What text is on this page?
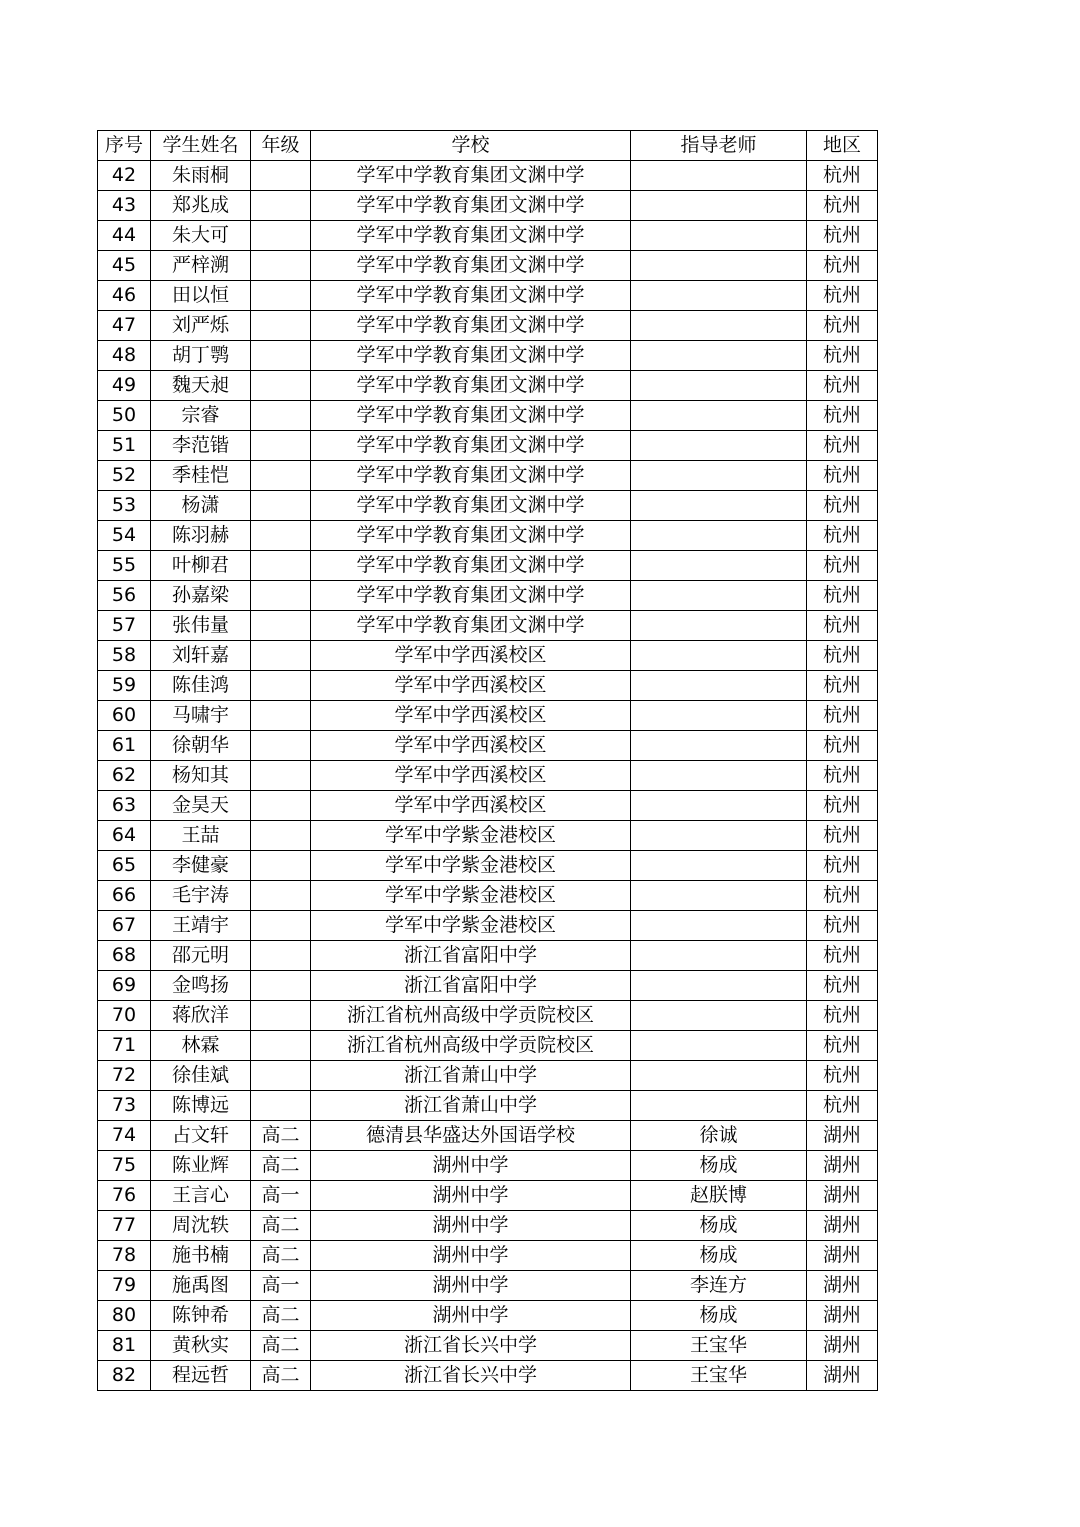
序号	学生姓名	年级	学校	指导老师	地区
42	朱雨桐		学军中学教育集团文渊中学		杭州
43	郑兆成		学军中学教育集团文渊中学		杭州
44	朱大可		学军中学教育集团文渊中学		杭州
45	严梓溯		学军中学教育集团文渊中学		杭州
46	田以恒		学军中学教育集团文渊中学		杭州
47	刘严烁		学军中学教育集团文渊中学		杭州
48	胡丁鹗		学军中学教育集团文渊中学		杭州
49	魏天昶		学军中学教育集团文渊中学		杭州
50	宗睿		学军中学教育集团文渊中学		杭州
51	李范锴		学军中学教育集团文渊中学		杭州
52	季桂恺		学军中学教育集团文渊中学		杭州
53	杨潇		学军中学教育集团文渊中学		杭州
54	陈羽赫		学军中学教育集团文渊中学		杭州
55	叶柳君		学军中学教育集团文渊中学		杭州
56	孙嘉梁		学军中学教育集团文渊中学		杭州
57	张伟量		学军中学教育集团文渊中学		杭州
58	刘轩嘉		学军中学西溪校区		杭州
59	陈佳鸿		学军中学西溪校区		杭州
60	马啸宇		学军中学西溪校区		杭州
61	徐朝华		学军中学西溪校区		杭州
62	杨知其		学军中学西溪校区		杭州
63	金昊天		学军中学西溪校区		杭州
64	王喆		学军中学紫金港校区		杭州
65	李健豪		学军中学紫金港校区		杭州
66	毛宇涛		学军中学紫金港校区		杭州
67	王靖宇		学军中学紫金港校区		杭州
68	邵元明		浙江省富阳中学		杭州
69	金鸣扬		浙江省富阳中学		杭州
70	蒋欣洋		浙江省杭州高级中学贡院校区		杭州
71	林霖		浙江省杭州高级中学贡院校区		杭州
72	徐佳斌		浙江省萧山中学		杭州
73	陈博远		浙江省萧山中学		杭州
74	占文轩	高二	德清县华盛达外国语学校	徐诚	湖州
75	陈业辉	高二	湖州中学	杨成	湖州
76	王言心	高一	湖州中学	赵朕博	湖州
77	周沈轶	高二	湖州中学	杨成	湖州
78	施书楠	高二	湖州中学	杨成	湖州
79	施禹图	高一	湖州中学	李连方	湖州
80	陈钟希	高二	湖州中学	杨成	湖州
81	黄秋实	高二	浙江省长兴中学	王宝华	湖州
82	程远哲	高二	浙江省长兴中学	王宝华	湖州
